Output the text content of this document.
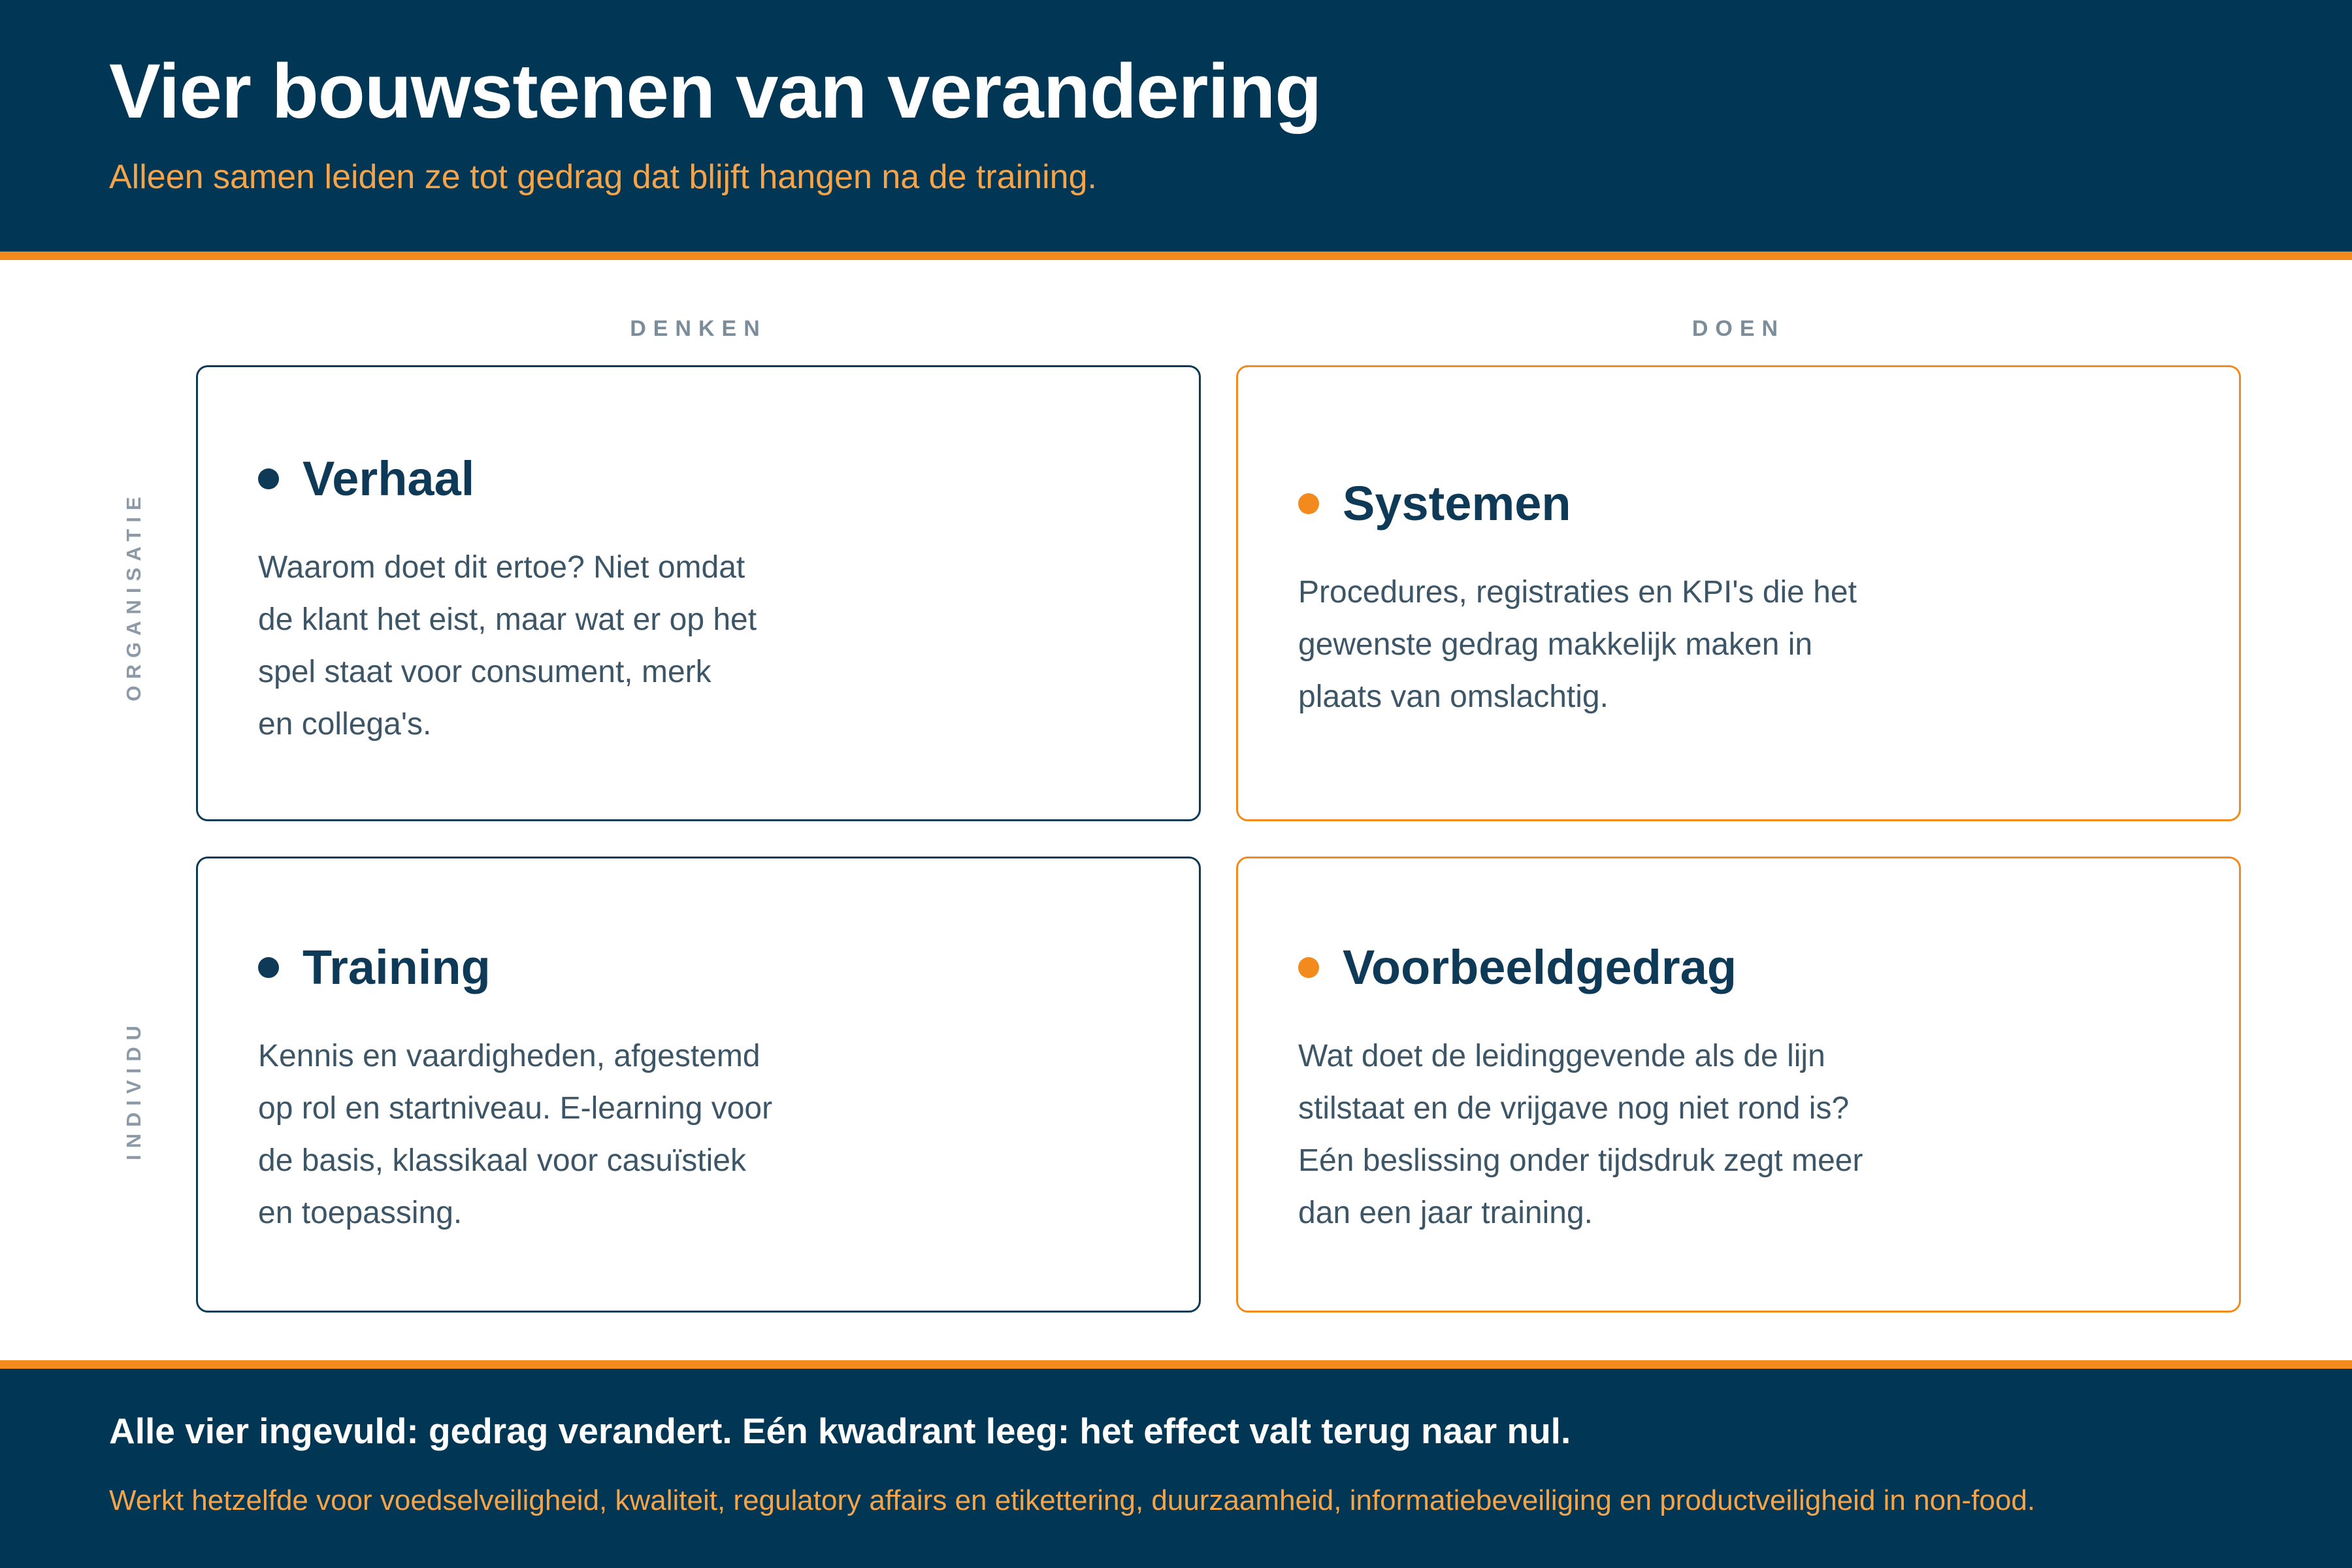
Vier bouwstenen van verandering

Alleen samen leiden ze tot gedrag dat blijft hangen na de training.

DENKEN	DOEN
ORGANISATIE
INDIVIDU
Verhaal
Waarom doet dit ertoe? Niet omdat
de klant het eist, maar wat er op het
spel staat voor consument, merk
en collega's.
Systemen
Procedures, registraties en KPI's die het
gewenste gedrag makkelijk maken in
plaats van omslachtig.
Training
Kennis en vaardigheden, afgestemd
op rol en startniveau. E-learning voor
de basis, klassikaal voor casuïstiek
en toepassing.
Voorbeeldgedrag
Wat doet de leidinggevende als de lijn
stilstaat en de vrijgave nog niet rond is?
Eén beslissing onder tijdsdruk zegt meer
dan een jaar training.

Alle vier ingevuld: gedrag verandert. Eén kwadrant leeg: het effect valt terug naar nul.

Werkt hetzelfde voor voedselveiligheid, kwaliteit, regulatory affairs en etikettering, duurzaamheid, informatiebeveiliging en productveiligheid in non-food.
